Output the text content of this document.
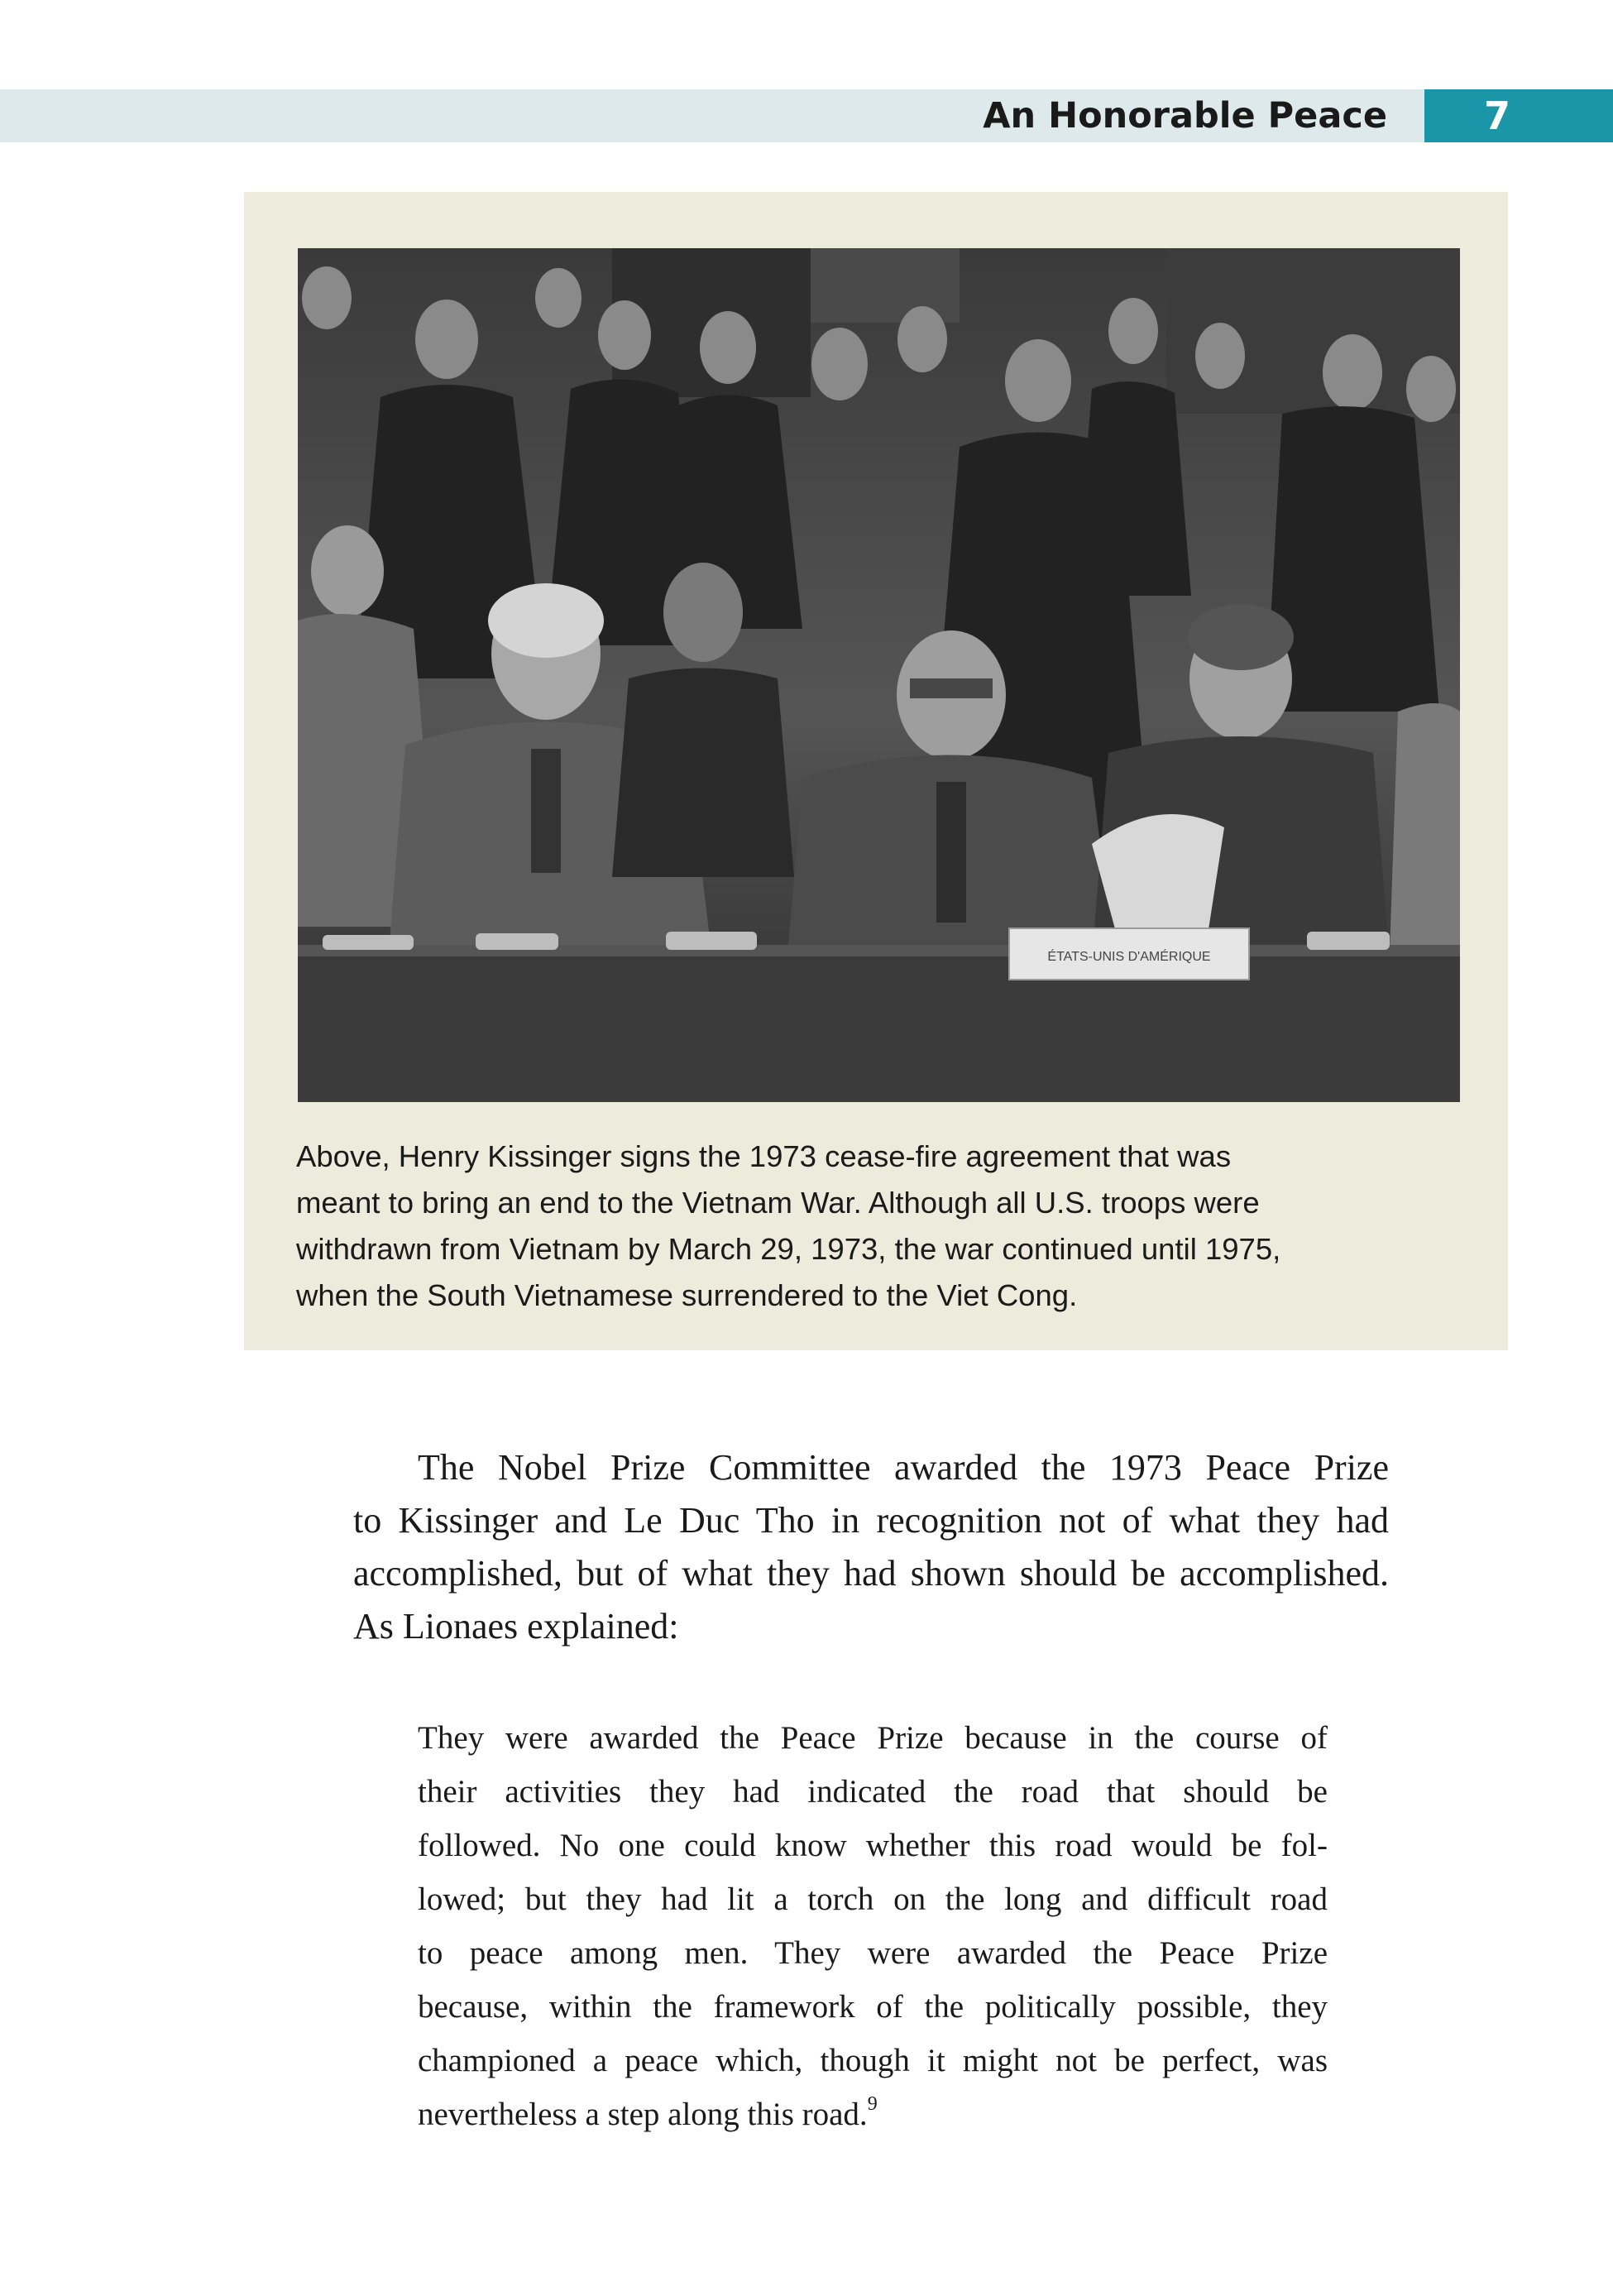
An Honorable Peace	7
ÉTATS-UNIS D'AMÉRIQUE

Above, Henry Kissinger signs the 1973 cease-fire agreement that was
meant to bring an end to the Vietnam War. Although all U.S. troops were
withdrawn from Vietnam by March 29, 1973, the war continued until 1975,
when the South Vietnamese surrendered to the Viet Cong.

The Nobel Prize Committee awarded the 1973 Peace Prize
to Kissinger and Le Duc Tho in recognition not of what they had
accomplished, but of what they had shown should be accomplished.
As Lionaes explained:
They were awarded the Peace Prize because in the course of
their activities they had indicated the road that should be
followed. No one could know whether this road would be fol-
lowed; but they had lit a torch on the long and difficult road
to peace among men. They were awarded the Peace Prize
because, within the framework of the politically possible, they
championed a peace which, though it might not be perfect, was
nevertheless a step along this road.$^9$
